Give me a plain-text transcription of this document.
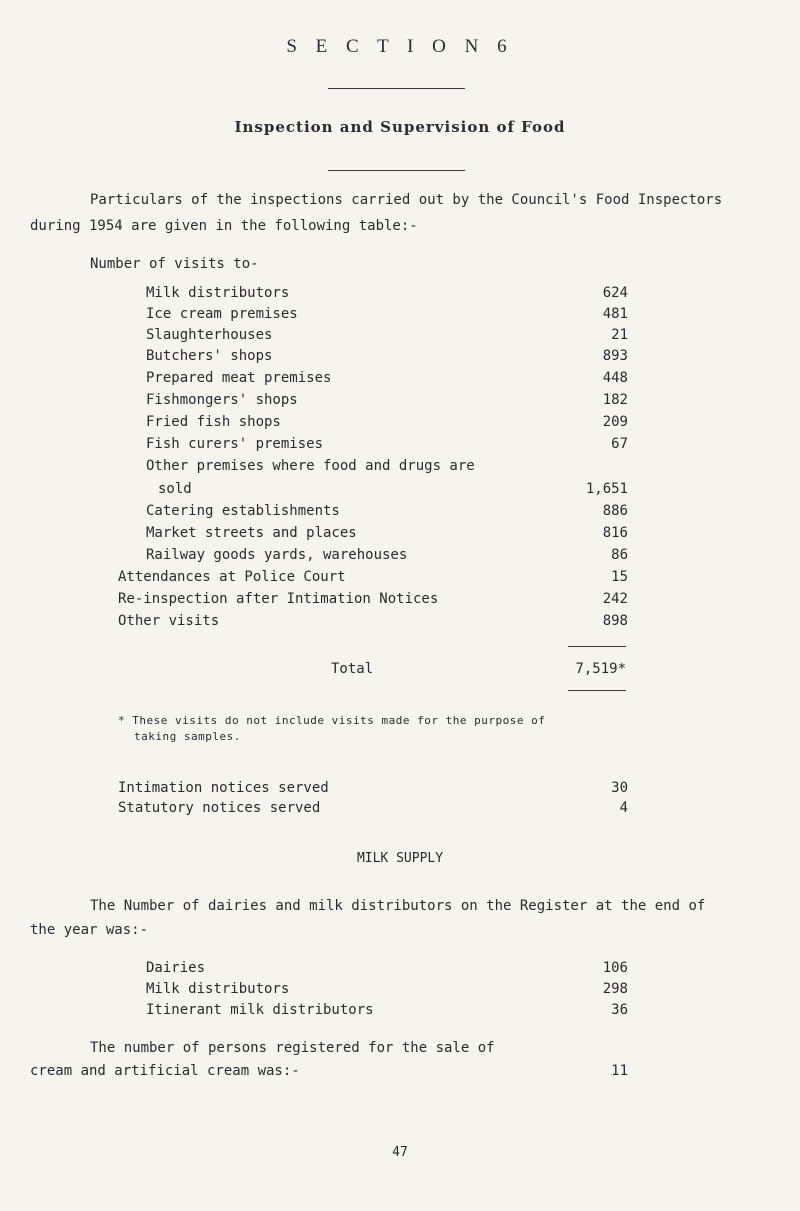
S E C T I O N 6
Inspection and Supervision of Food
Particulars of the inspections carried out by the Council's Food Inspectors
during 1954 are given in the following table:-
Number of visits to-
Milk distributors	624
Ice cream premises	481
Slaughterhouses	21
Butchers' shops	893
Prepared meat premises	448
Fishmongers' shops	182
Fried fish shops	209
Fish curers' premises	67
Other premises where food and drugs are
sold	1,651
Catering establishments	886
Market streets and places	816
Railway goods yards, warehouses	86
Attendances at Police Court	15
Re-inspection after Intimation Notices	242
Other visits	898
Total	7,519*
* These visits do not include visits made for the purpose of
taking samples.
Intimation notices served	30
Statutory notices served	4
MILK SUPPLY
The Number of dairies and milk distributors on the Register at the end of
the year was:-
Dairies	106
Milk distributors	298
Itinerant milk distributors	36
The number of persons registered for the sale of
cream and artificial cream was:-	11
47
